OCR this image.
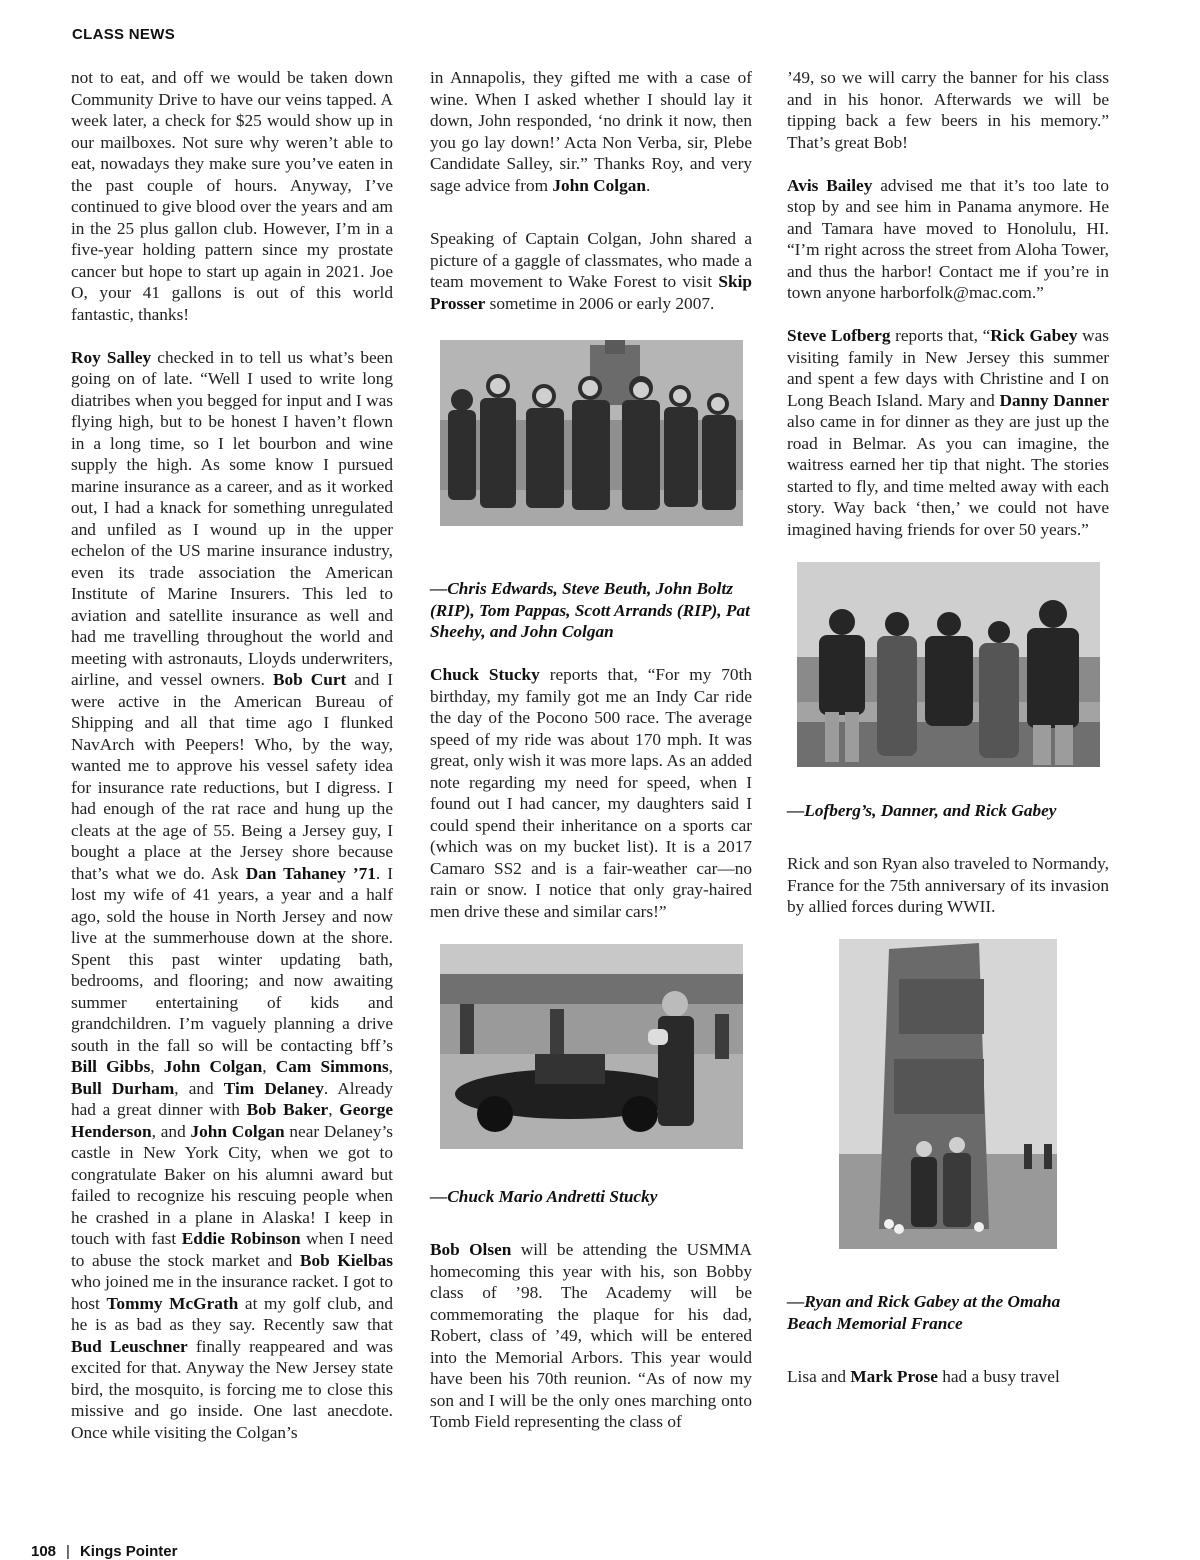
CLASS NEWS

not to eat, and off we would be taken down Community Drive to have our veins tapped. A week later, a check for $25 would show up in our mailboxes. Not sure why weren’t able to eat, nowadays they make sure you’ve eaten in the past couple of hours. Anyway, I’ve continued to give blood over the years and am in the 25 plus gallon club. However, I’m in a five-year holding pattern since my prostate cancer but hope to start up again in 2021. Joe O, your 41 gallons is out of this world fantastic, thanks!

Roy Salley checked in to tell us what’s been going on of late. “Well I used to write long diatribes when you begged for input and I was flying high, but to be honest I haven’t flown in a long time, so I let bourbon and wine supply the high. As some know I pursued marine insurance as a career, and as it worked out, I had a knack for something unregulated and unfiled as I wound up in the upper echelon of the US marine insurance industry, even its trade association the American Institute of Marine Insurers. This led to aviation and satellite insurance as well and had me travelling throughout the world and meeting with astronauts, Lloyds underwriters, airline, and vessel owners. Bob Curt and I were active in the American Bureau of Shipping and all that time ago I flunked NavArch with Peepers! Who, by the way, wanted me to approve his vessel safety idea for insurance rate reductions, but I digress. I had enough of the rat race and hung up the cleats at the age of 55. Being a Jersey guy, I bought a place at the Jersey shore because that’s what we do. Ask Dan Tahaney ’71. I lost my wife of 41 years, a year and a half ago, sold the house in North Jersey and now live at the summerhouse down at the shore. Spent this past winter updating bath, bedrooms, and flooring; and now awaiting summer entertaining of kids and grandchildren. I’m vaguely planning a drive south in the fall so will be contacting bff’s Bill Gibbs, John Colgan, Cam Simmons, Bull Durham, and Tim Delaney. Already had a great dinner with Bob Baker, George Henderson, and John Colgan near Delaney’s castle in New York City, when we got to congratulate Baker on his alumni award but failed to recognize his rescuing people when he crashed in a plane in Alaska! I keep in touch with fast Eddie Robinson when I need to abuse the stock market and Bob Kielbas who joined me in the insurance racket. I got to host Tommy McGrath at my golf club, and he is as bad as they say. Recently saw that Bud Leuschner finally reappeared and was excited for that. Anyway the New Jersey state bird, the mosquito, is forcing me to close this missive and go inside. One last anecdote. Once while visiting the Colgan’s

in Annapolis, they gifted me with a case of wine. When I asked whether I should lay it down, John responded, ‘no drink it now, then you go lay down!’ Acta Non Verba, sir, Plebe Candidate Salley, sir.” Thanks Roy, and very sage advice from John Colgan.

Speaking of Captain Colgan, John shared a picture of a gaggle of classmates, who made a team movement to Wake Forest to visit Skip Prosser sometime in 2006 or early 2007.

—Chris Edwards, Steve Beuth, John Boltz (RIP), Tom Pappas, Scott Arrands (RIP), Pat Sheehy, and John Colgan

Chuck Stucky reports that, “For my 70th birthday, my family got me an Indy Car ride the day of the Pocono 500 race. The average speed of my ride was about 170 mph. It was great, only wish it was more laps. As an added note regarding my need for speed, when I found out I had cancer, my daughters said I could spend their inheritance on a sports car (which was on my bucket list). It is a 2017 Camaro SS2 and is a fair-weather car—no rain or snow. I notice that only gray-haired men drive these and similar cars!”

—Chuck Mario Andretti Stucky

Bob Olsen will be attending the USMMA homecoming this year with his, son Bobby class of ’98. The Academy will be commemorating the plaque for his dad, Robert, class of ’49, which will be entered into the Memorial Arbors. This year would have been his 70th reunion. “As of now my son and I will be the only ones marching onto Tomb Field representing the class of

’49, so we will carry the banner for his class and in his honor. Afterwards we will be tipping back a few beers in his memory.” That’s great Bob!

Avis Bailey advised me that it’s too late to stop by and see him in Panama anymore. He and Tamara have moved to Honolulu, HI. “I’m right across the street from Aloha Tower, and thus the harbor! Contact me if you’re in town anyone harborfolk@mac.com.”

Steve Lofberg reports that, “Rick Gabey was visiting family in New Jersey this summer and spent a few days with Christine and I on Long Beach Island. Mary and Danny Danner also came in for dinner as they are just up the road in Belmar. As you can imagine, the waitress earned her tip that night. The stories started to fly, and time melted away with each story. Way back ‘then,’ we could not have imagined having friends for over 50 years.”

—Lofberg’s, Danner, and Rick Gabey

Rick and son Ryan also traveled to Normandy, France for the 75th anniversary of its invasion by allied forces during WWII.

—Ryan and Rick Gabey at the Omaha Beach Memorial France

Lisa and Mark Prose had a busy travel

108 | Kings Pointer
